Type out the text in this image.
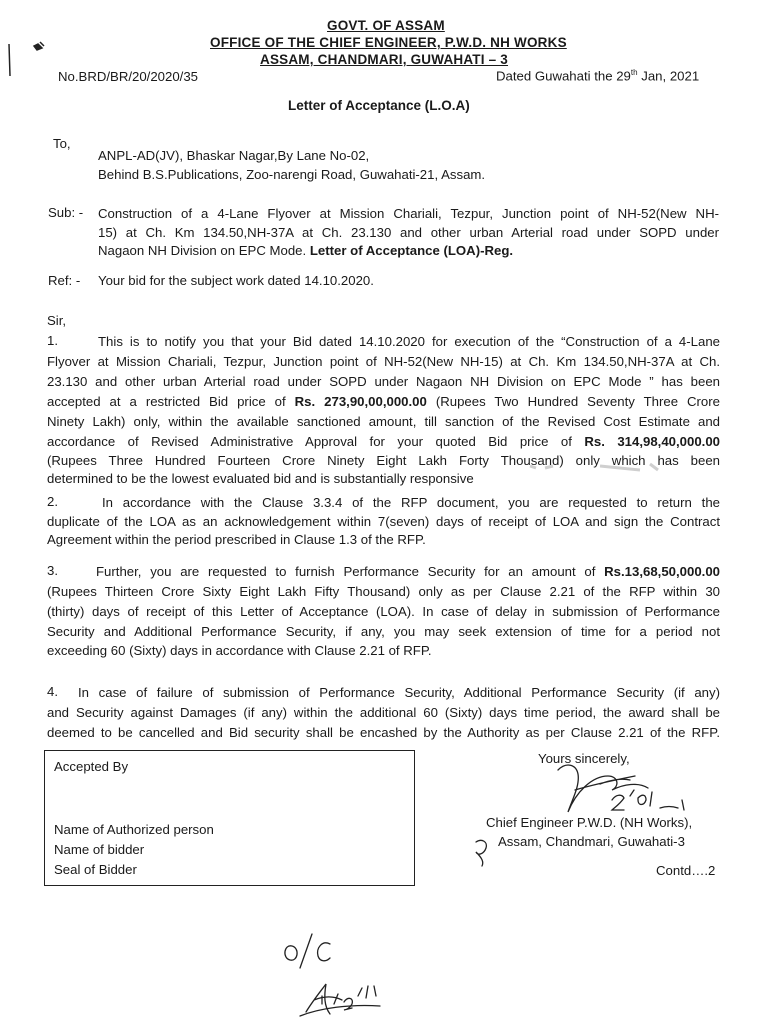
GOVT. OF ASSAM
OFFICE OF THE CHIEF ENGINEER, P.W.D. NH WORKS
ASSAM, CHANDMARI, GUWAHATI – 3
No.BRD/BR/20/2020/35	Dated Guwahati the 29th Jan, 2021
Letter of Acceptance (L.O.A)
To,
ANPL-AD(JV), Bhaskar Nagar,By Lane No-02,
Behind B.S.Publications, Zoo-narengi Road, Guwahati-21, Assam.
Sub: - Construction of a 4-Lane Flyover at Mission Chariali, Tezpur, Junction point of NH-52(New NH-
15) at Ch. Km 134.50,NH-37A at Ch. 23.130 and other urban Arterial road under SOPD under
Nagaon NH Division on EPC Mode. Letter of Acceptance (LOA)-Reg.
Ref: - Your bid for the subject work dated 14.10.2020.
Sir,
1.	This is to notify you that your Bid dated 14.10.2020 for execution of the “Construction of a 4-Lane
Flyover at Mission Chariali, Tezpur, Junction point of NH-52(New NH-15) at Ch. Km 134.50,NH-37A at Ch.
23.130 and other urban Arterial road under SOPD under Nagaon NH Division on EPC Mode ” has been
accepted at a restricted Bid price of Rs. 273,90,00,000.00 (Rupees Two Hundred Seventy Three Crore
Ninety Lakh) only, within the available sanctioned amount, till sanction of the Revised Cost Estimate and
accordance of Revised Administrative Approval for your quoted Bid price of Rs. 314,98,40,000.00
(Rupees Three Hundred Fourteen Crore Ninety Eight Lakh Forty Thousand) only which has been
determined to be the lowest evaluated bid and is substantially responsive
2.	In accordance with the Clause 3.3.4 of the RFP document, you are requested to return the
duplicate of the LOA as an acknowledgement within 7(seven) days of receipt of LOA and sign the Contract
Agreement within the period prescribed in Clause 1.3 of the RFP.
3.	Further, you are requested to furnish Performance Security for an amount of Rs.13,68,50,000.00
(Rupees Thirteen Crore Sixty Eight Lakh Fifty Thousand) only as per Clause 2.21 of the RFP within 30
(thirty) days of receipt of this Letter of Acceptance (LOA). In case of delay in submission of Performance
Security and Additional Performance Security, if any, you may seek extension of time for a period not
exceeding 60 (Sixty) days in accordance with Clause 2.21 of RFP.
4. In case of failure of submission of Performance Security, Additional Performance Security (if any)
and Security against Damages (if any) within the additional 60 (Sixty) days time period, the award shall be
deemed to be cancelled and Bid security shall be encashed by the Authority as per Clause 2.21 of the RFP.
Accepted By
Name of Authorized person
Name of bidder
Seal of Bidder
Yours sincerely,
Chief Engineer P.W.D. (NH Works),
Assam, Chandmari, Guwahati-3
Contd….2
